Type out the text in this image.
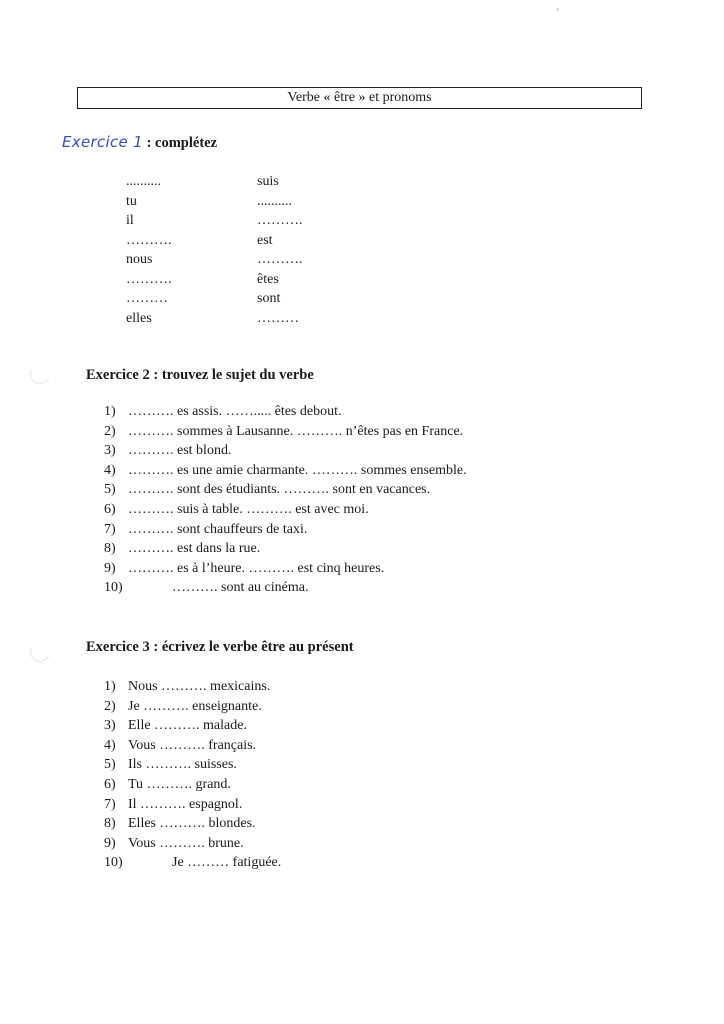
Verbe « être » et pronoms
Exercice 1 : complétez
..........	suis
tu	..........
il	……….
……….	est
nous	……….
……….	êtes
………	sont
elles	………
Exercice 2 : trouvez le sujet du verbe
1) ………. es assis. ……..... êtes debout.
2) ………. sommes à Lausanne. ………. n’êtes pas en France.
3) ………. est blond.
4) ………. es une amie charmante. ………. sommes ensemble.
5) ………. sont des étudiants. ………. sont en vacances.
6) ………. suis à table. ………. est avec moi.
7) ………. sont chauffeurs de taxi.
8) ………. est dans la rue.
9) ………. es à l’heure. ………. est cinq heures.
10)	………. sont au cinéma.
Exercice 3 : écrivez le verbe être au présent
1) Nous ………. mexicains.
2) Je ………. enseignante.
3) Elle ………. malade.
4) Vous ………. français.
5) Ils ………. suisses.
6) Tu ………. grand.
7) Il ………. espagnol.
8) Elles ………. blondes.
9) Vous ………. brune.
10)	Je ……… fatiguée.
